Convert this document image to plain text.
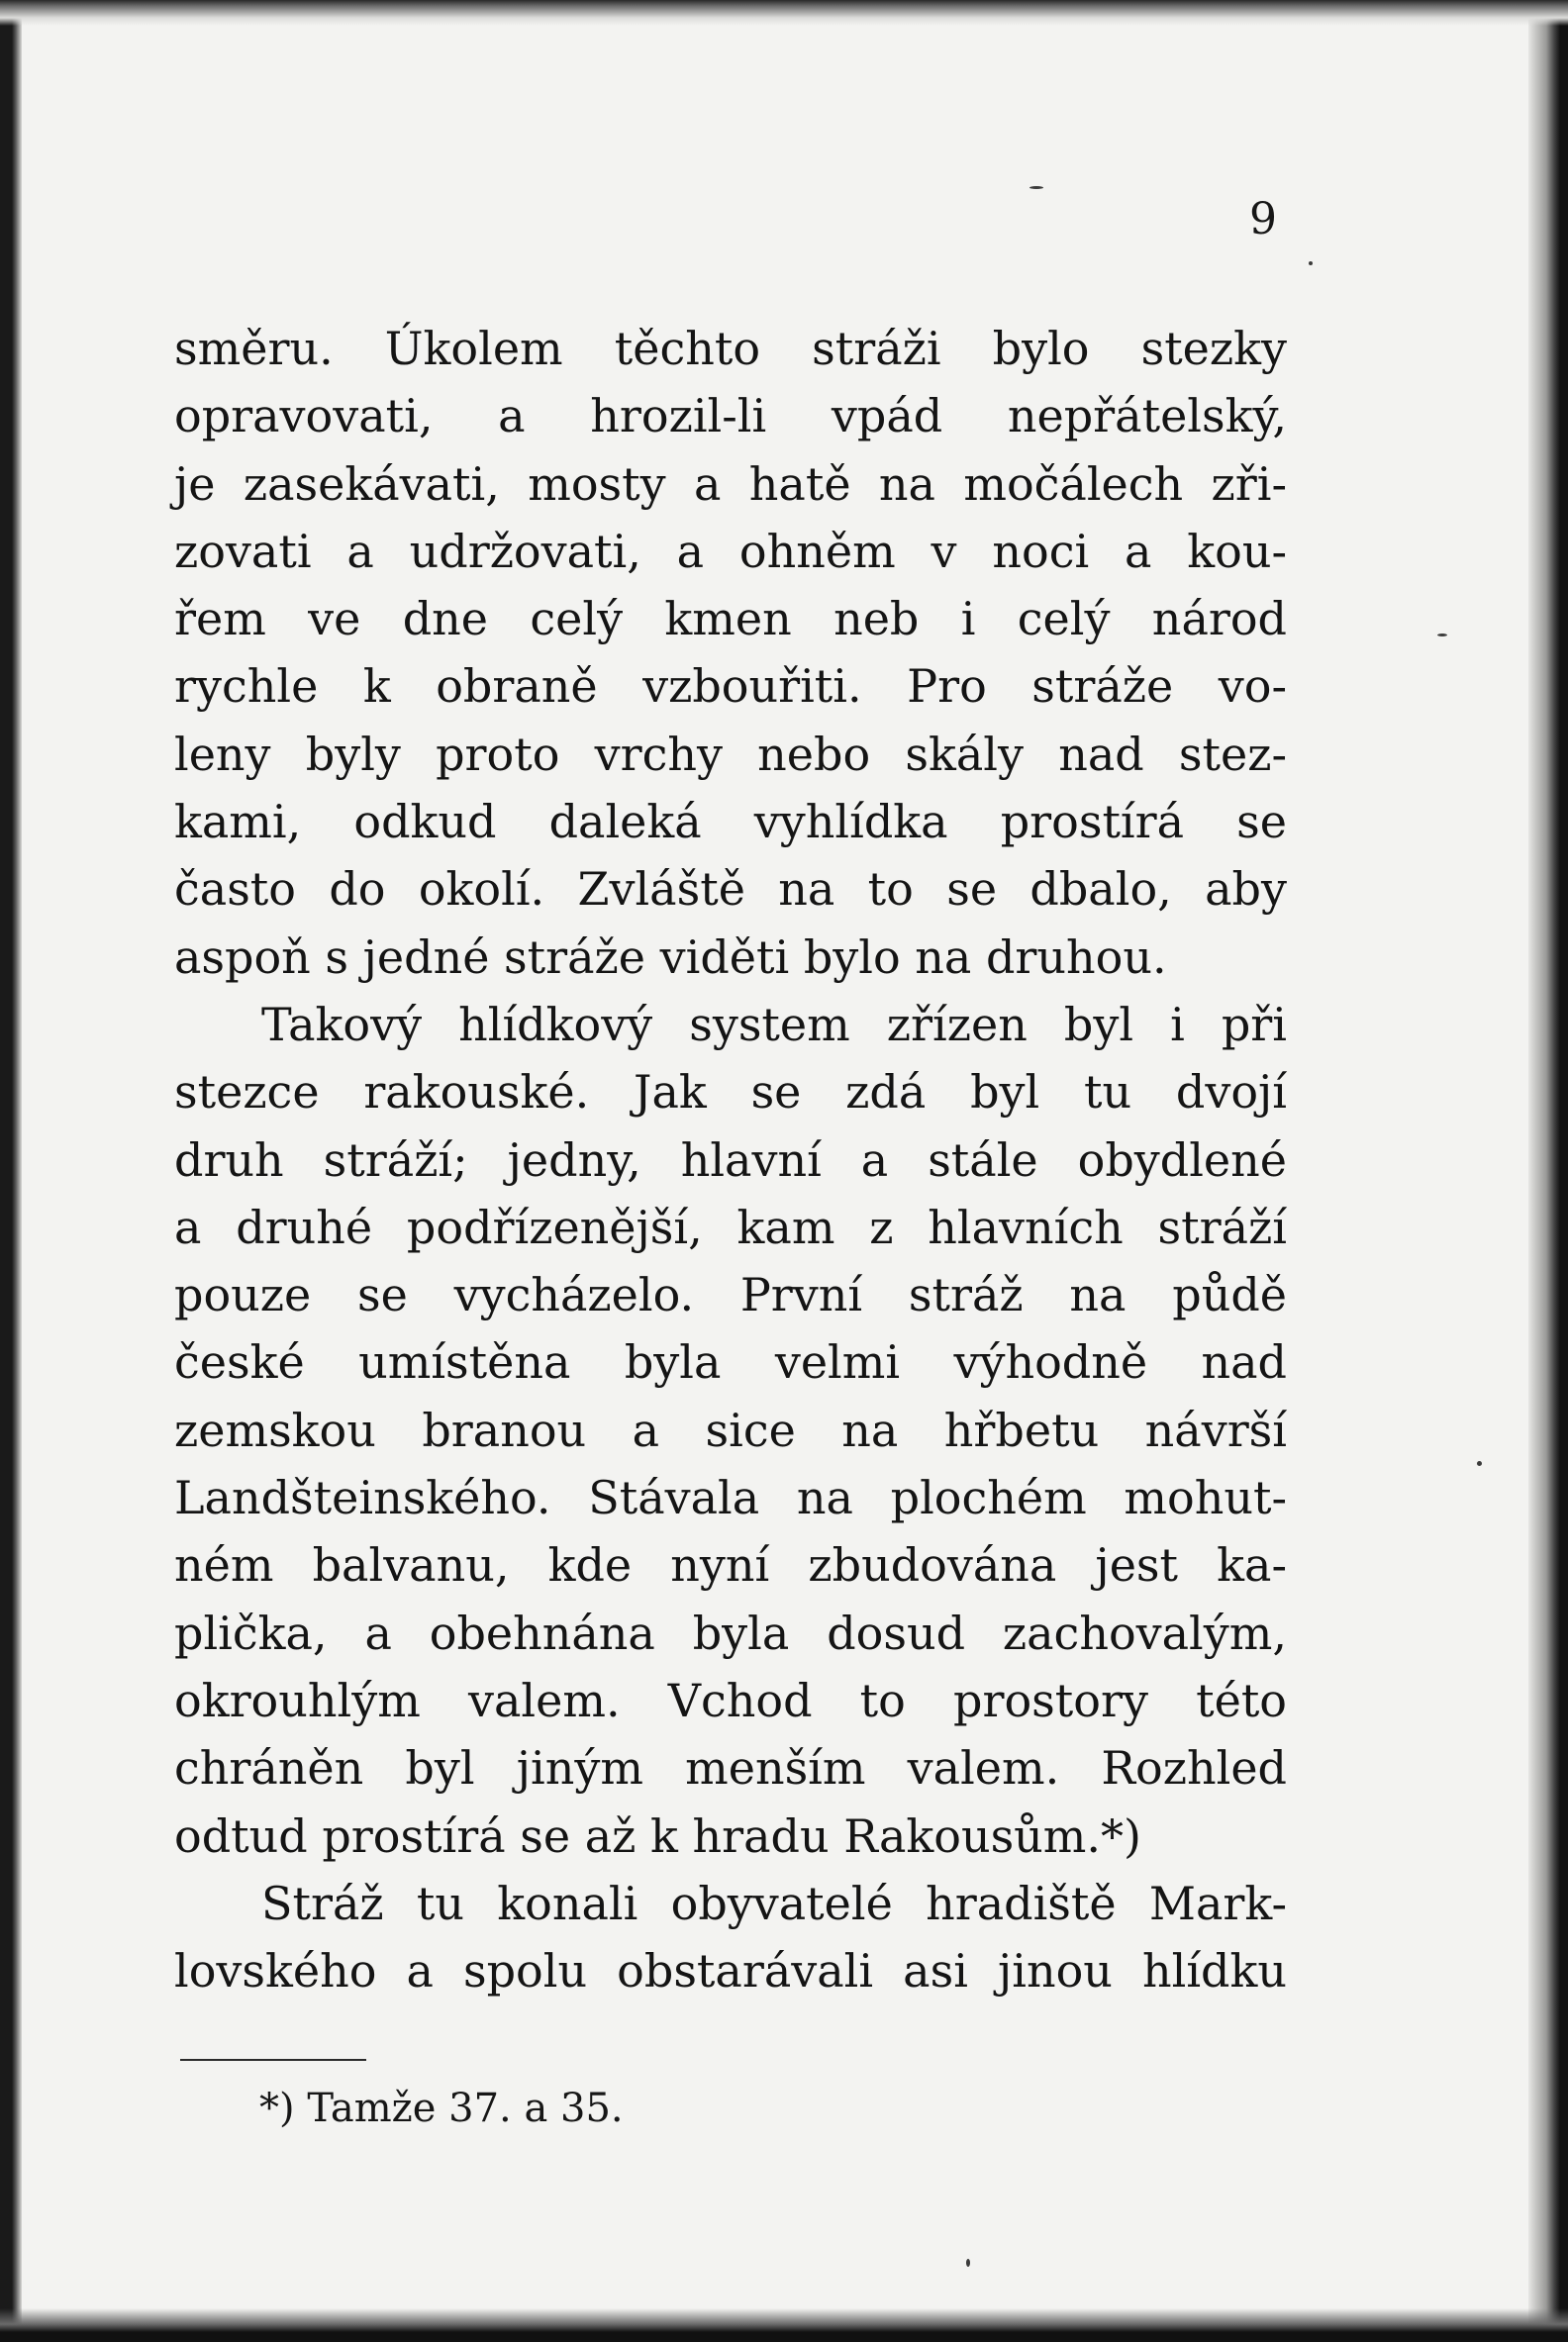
9

směru. Úkolem těchto stráži bylo stezky
opravovati, a hrozil-li vpád nepřátelský,
je zasekávati, mosty a hatě na močálech zři-
zovati a udržovati, a ohněm v noci a kou-
řem ve dne celý kmen neb i celý národ
rychle k obraně vzbouřiti. Pro stráže vo-
leny byly proto vrchy nebo skály nad stez-
kami, odkud daleká vyhlídka prostírá se
často do okolí. Zvláště na to se dbalo, aby
aspoň s jedné stráže viděti bylo na druhou.
Takový hlídkový system zřízen byl i při
stezce rakouské. Jak se zdá byl tu dvojí
druh stráží; jedny, hlavní a stále obydlené
a druhé podřízenější, kam z hlavních stráží
pouze se vycházelo. První stráž na půdě
české umístěna byla velmi výhodně nad
zemskou branou a sice na hřbetu návrší
Landšteinského. Stávala na plochém mohut-
ném balvanu, kde nyní zbudována jest ka-
plička, a obehnána byla dosud zachovalým,
okrouhlým valem. Vchod to prostory této
chráněn byl jiným menším valem. Rozhled
odtud prostírá se až k hradu Rakousům.*)
Stráž tu konali obyvatelé hradiště Mark-
lovského a spolu obstarávali asi jinou hlídku

*) Tamže 37. a 35.
